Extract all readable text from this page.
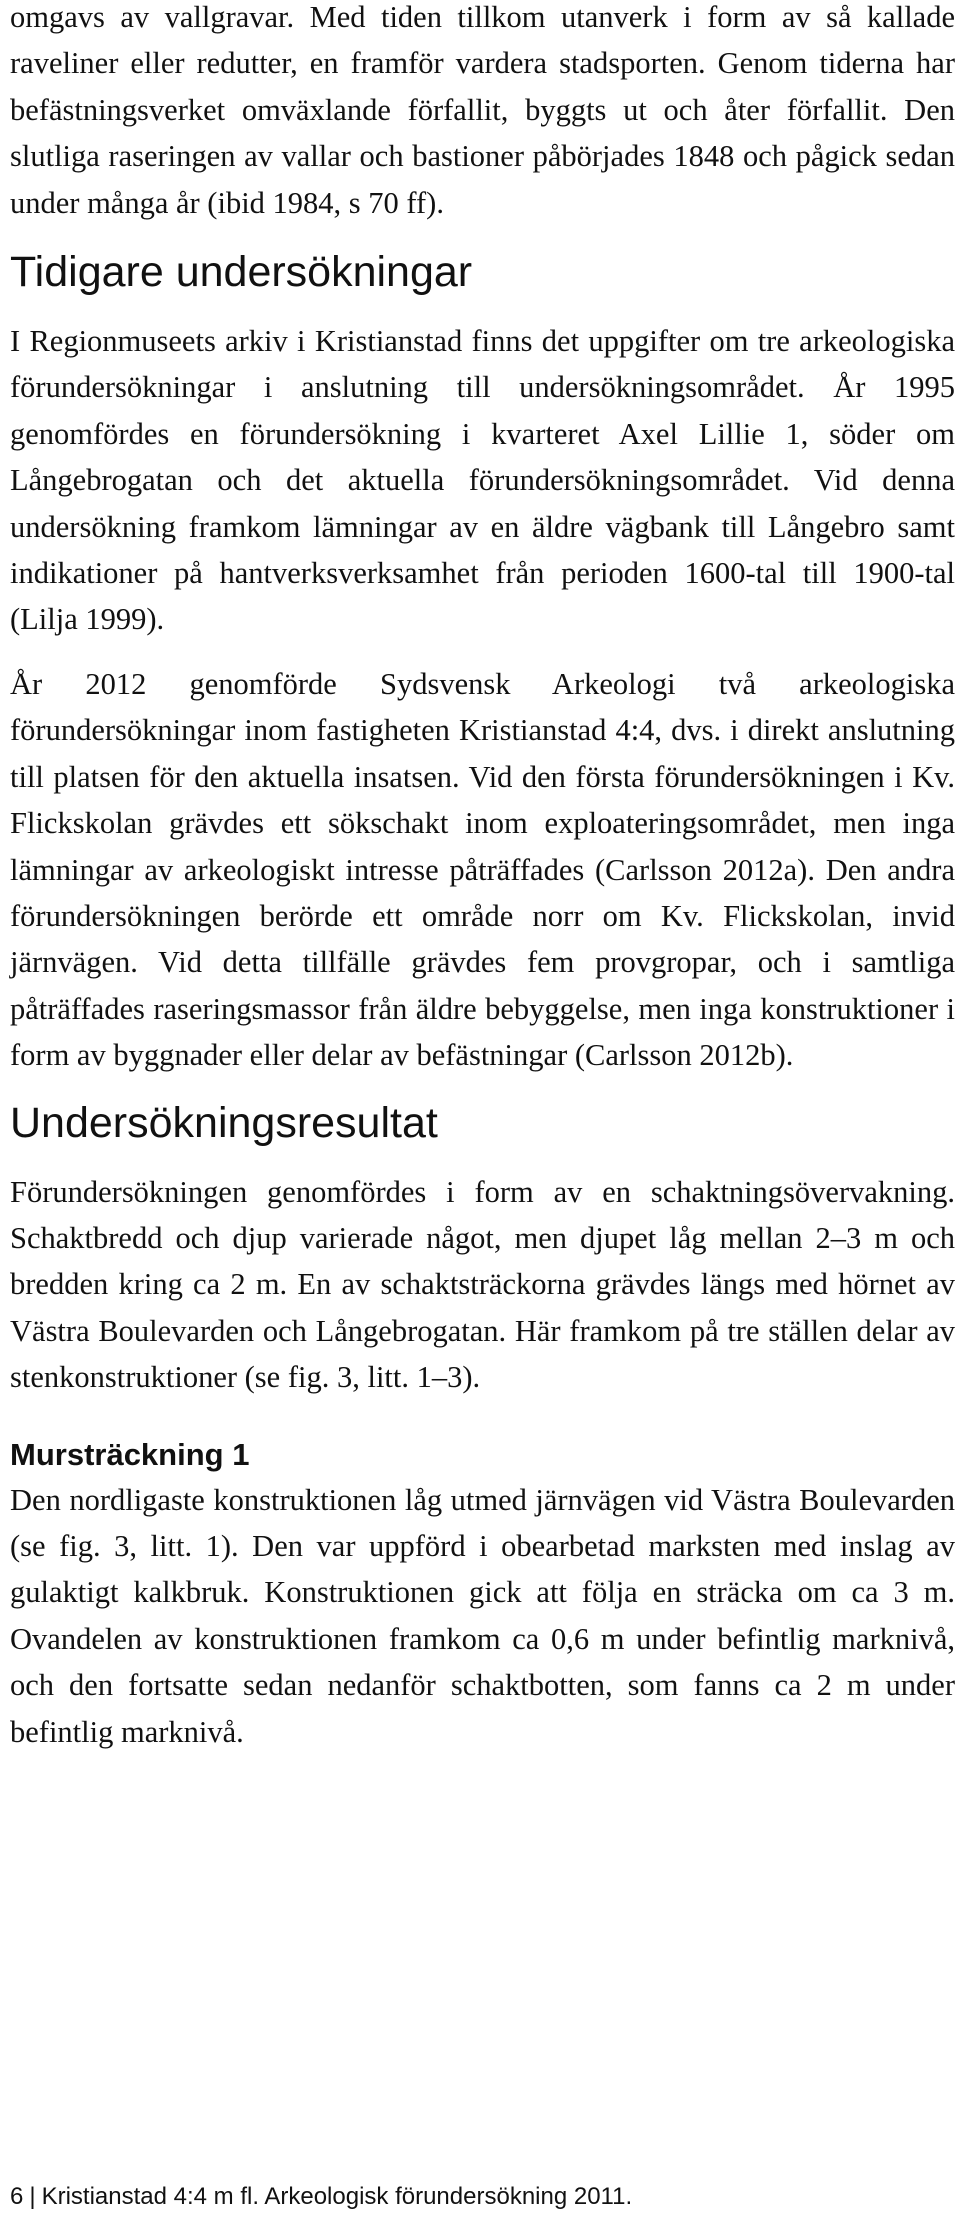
omgavs av vallgravar. Med tiden tillkom utanverk i form av så kallade raveliner eller redutter, en framför vardera stadsporten. Genom tiderna har befästningsverket omväxlande förfallit, byggts ut och åter förfallit. Den slutliga raseringen av vallar och bastioner påbörjades 1848 och pågick sedan under många år (ibid 1984, s 70 ff).

Tidigare undersökningar

I Regionmuseets arkiv i Kristianstad finns det uppgifter om tre arkeologiska förundersökningar i anslutning till undersökningsområdet. År 1995 genomfördes en förundersökning i kvarteret Axel Lillie 1, söder om Långebrogatan och det aktuella förundersökningsområdet. Vid denna undersökning framkom lämningar av en äldre vägbank till Långebro samt indikationer på hantverksverksamhet från perioden 1600-tal till 1900-tal (Lilja 1999).

År 2012 genomförde Sydsvensk Arkeologi två arkeologiska förundersökningar inom fastigheten Kristianstad 4:4, dvs. i direkt anslutning till platsen för den aktuella insatsen. Vid den första förundersökningen i Kv. Flickskolan grävdes ett sökschakt inom exploateringsområdet, men inga lämningar av arkeologiskt intresse påträffades (Carlsson 2012a). Den andra förundersökningen berörde ett område norr om Kv. Flickskolan, invid järnvägen. Vid detta tillfälle grävdes fem provgropar, och i samtliga påträffades raseringsmassor från äldre bebyggelse, men inga konstruktioner i form av byggnader eller delar av befästningar (Carlsson 2012b).

Undersökningsresultat

Förundersökningen genomfördes i form av en schaktningsövervakning. Schaktbredd och djup varierade något, men djupet låg mellan 2–3 m och bredden kring ca 2 m. En av schaktsträckorna grävdes längs med hörnet av Västra Boulevarden och Långebrogatan. Här framkom på tre ställen delar av stenkonstruktioner (se fig. 3, litt. 1–3).

Mursträckning 1

Den nordligaste konstruktionen låg utmed järnvägen vid Västra Boulevarden (se fig. 3, litt. 1). Den var uppförd i obearbetad marksten med inslag av gulaktigt kalkbruk. Konstruktionen gick att följa en sträcka om ca 3 m. Ovandelen av konstruktionen framkom ca 0,6 m under befintlig marknivå, och den fortsatte sedan nedanför schaktbotten, som fanns ca 2 m under befintlig marknivå.

6 | Kristianstad 4:4 m fl. Arkeologisk förundersökning 2011.
